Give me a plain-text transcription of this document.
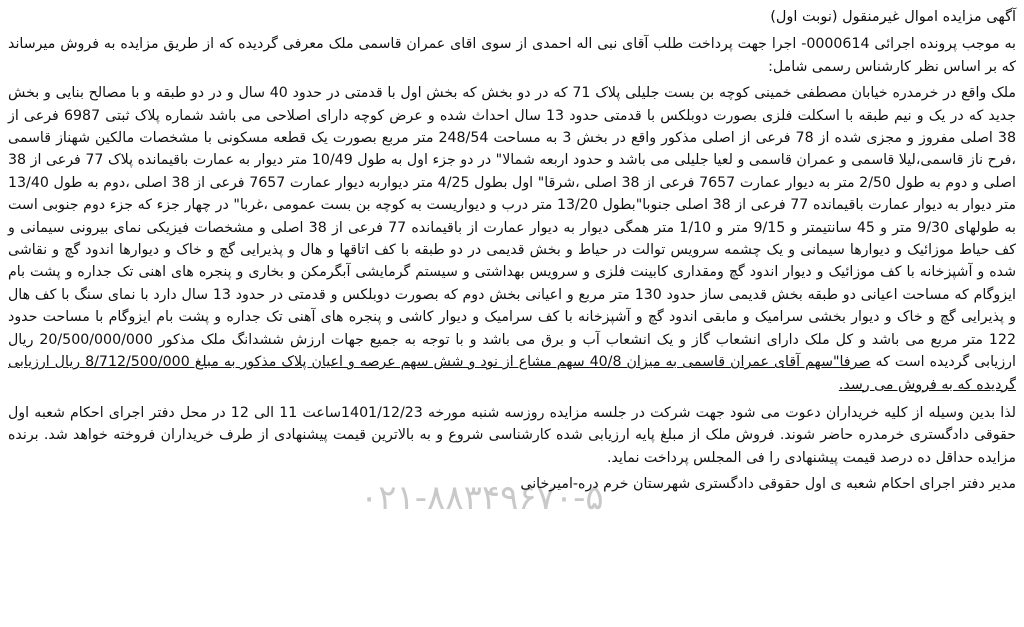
۰۲۱-۸۸۳۴۹۶۷۰-۵
آگهی مزایده اموال غیرمنقول (نوبت اول)

به موجب پرونده اجرائی 0000614- اجرا جهت پرداخت طلب آقای نبی اله احمدی از سوی اقای عمران قاسمی ملک معرفی گردیده که از طریق مزایده به فروش میرساند که بر اساس نظر کارشناس رسمی شامل:

ملک واقع در خرمدره خیابان مصطفی خمینی کوچه بن بست جلیلی پلاک 71 که در دو بخش که بخش اول با قدمتی در حدود 40 سال و در دو طبقه و با مصالح بنایی و بخش جدید که در یک و نیم طبقه با اسکلت فلزی بصورت دوبلکس با قدمتی حدود 13 سال احداث شده و عرض کوچه دارای اصلاحی می باشد شماره پلاک ثبتی 6987 فرعی از 38 اصلی مفروز و مجزی شده از 78 فرعی از اصلی مذکور واقع در بخش 3 به مساحت 248/54 متر مربع بصورت یک قطعه مسکونی با مشخصات مالکین شهناز قاسمی ،فرح ناز قاسمی،لیلا قاسمی و عمران قاسمی و لعیا جلیلی می باشد و حدود اربعه شمالا" در دو جزء اول به طول 10/49 متر دیوار به عمارت باقیمانده پلاک 77 فرعی از 38 اصلی و دوم به طول 2/50 متر به دیوار عمارت 7657 فرعی از 38 اصلی ،شرقا" اول بطول 4/25 متر دیواربه دیوار عمارت 7657 فرعی از 38 اصلی ،دوم به طول 13/40 متر دیوار به دیوار عمارت باقیمانده 77 فرعی از 38 اصلی جنوبا"بطول 13/20 متر درب و دیواریست به کوچه بن بست عمومی ،غربا" در چهار جزء که جزء دوم جنوبی است به طولهای 9/30 متر و 45 سانتیمتر و 9/15 متر و 1/10 متر همگی دیوار به دیوار عمارت از باقیمانده 77 فرعی از 38 اصلی و مشخصات فیزیکی نمای بیرونی سیمانی و کف حیاط موزائیک و دیوارها سیمانی و یک چشمه سرویس توالت در حیاط و بخش قدیمی در دو طبقه با کف اتاقها و هال و پذیرایی گچ و خاک و دیوارها اندود گچ و نقاشی شده و آشپزخانه با کف موزائیک و دیوار اندود گچ ومقداری کابینت فلزی و سرویس بهداشتی و سیستم گرمایشی آبگرمکن و بخاری و پنجره های اهنی تک جداره و پشت بام ایزوگام که مساحت اعیانی دو طبقه بخش قدیمی ساز حدود 130 متر مربع و اعیانی بخش دوم که بصورت دوبلکس و قدمتی در حدود 13 سال دارد با نمای سنگ با کف هال و پذیرایی گچ و خاک و دیوار بخشی سرامیک و مابقی اندود گچ و آشپزخانه با کف سرامیک و دیوار کاشی و پنجره های آهنی تک جداره و پشت بام ایزوگام با مساحت حدود 122 متر مربع می باشد و کل ملک دارای انشعاب گاز و یک انشعاب آب و برق می باشد و با توجه به جمیع جهات ارزش ششدانگ ملک مذکور 20/500/000/000 ریال ارزیابی گردیده است که صرفا"سهم آقای عمران قاسمی به میزان 40/8 سهم مشاع از نود و شش سهم عرصه و اعیان پلاک مذکور به مبلغ 8/712/500/000 ریال ارزیابی گردیده که به فروش می رسد.

لذا بدین وسیله از کلیه خریداران دعوت می شود جهت شرکت در جلسه مزایده روزسه شنبه مورخه 1401/12/23ساعت 11 الی 12 در محل دفتر اجرای احکام شعبه اول حقوقی دادگستری خرمدره حاضر شوند. فروش ملک از مبلغ پایه ارزیابی شده کارشناسی شروع و به بالاترین قیمت پیشنهادی از طرف خریداران فروخته خواهد شد. برنده مزایده حداقل ده درصد قیمت پیشنهادی را فی المجلس پرداخت نماید.

مدیر دفتر اجرای احکام شعبه ی اول حقوقی دادگستری شهرستان خرم دره-امیرخانی
